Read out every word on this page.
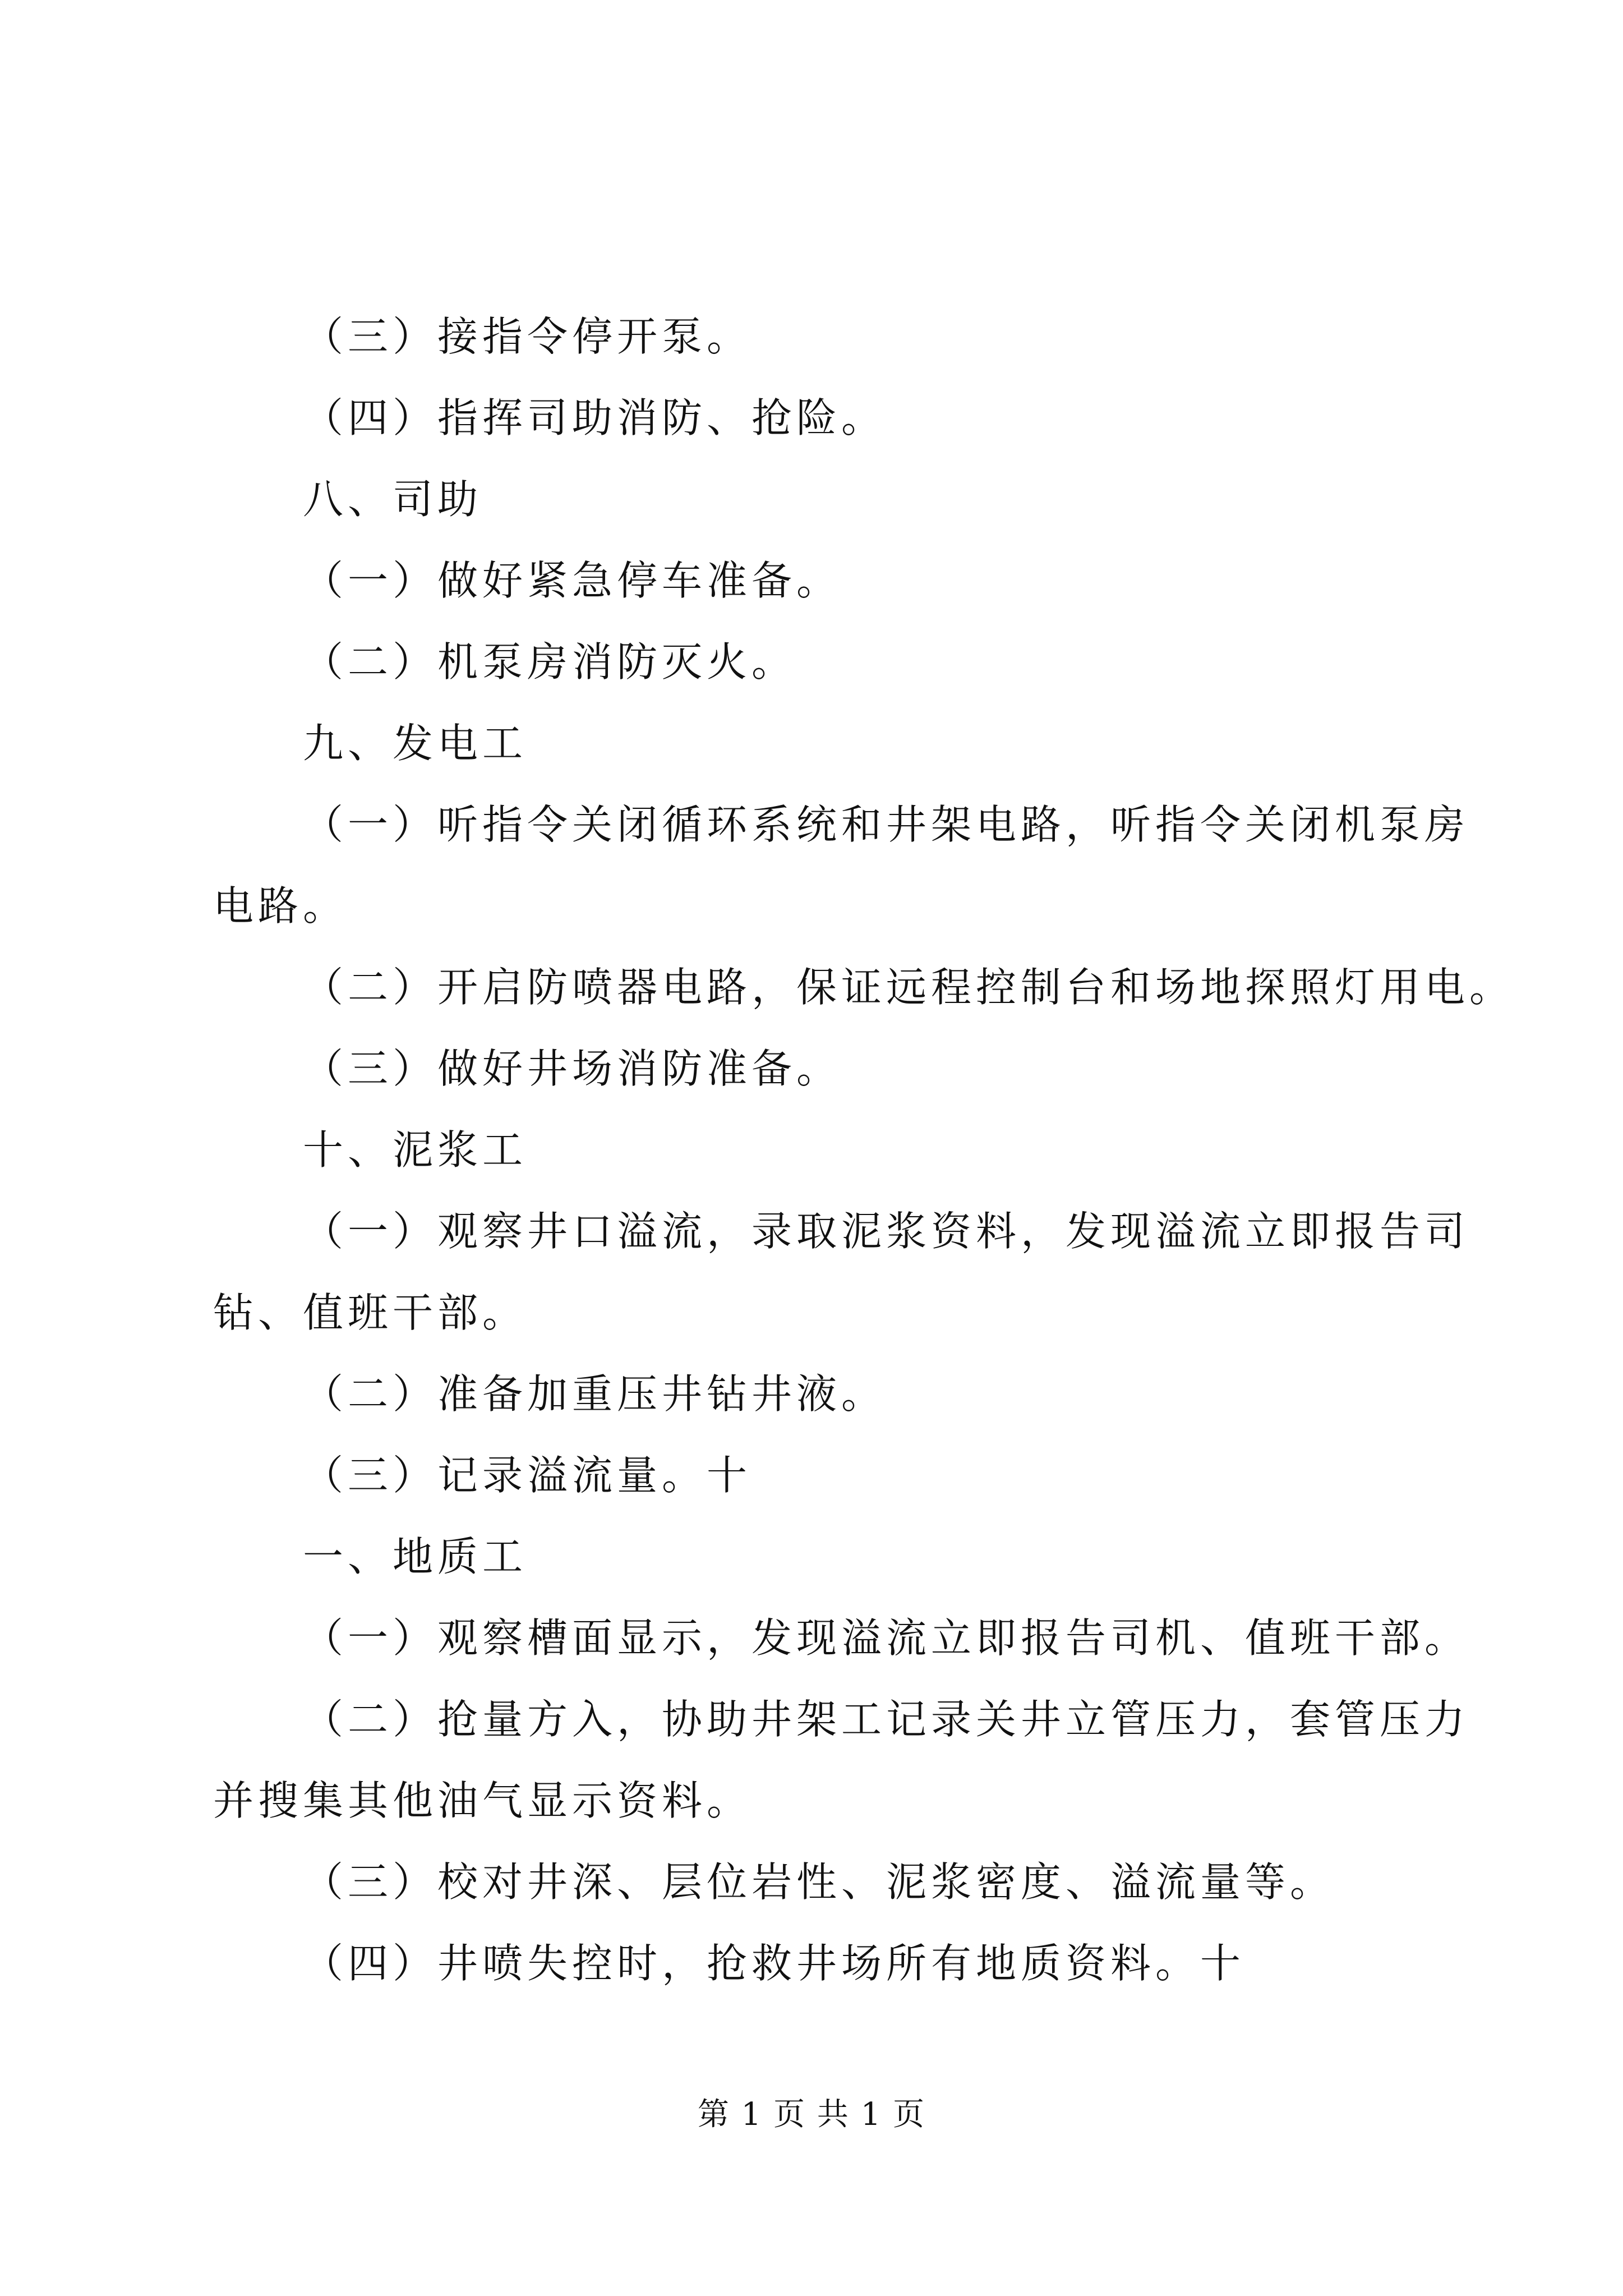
（三）接指令停开泵。
（四）指挥司助消防、抢险。
八、司助
（一）做好紧急停车准备。
（二）机泵房消防灭火。
九、发电工
（一）听指令关闭循环系统和井架电路，听指令关闭机泵房
电路。
（二）开启防喷器电路，保证远程控制台和场地探照灯用电。
（三）做好井场消防准备。
十、泥浆工
（一）观察井口溢流，录取泥浆资料，发现溢流立即报告司
钻、值班干部。
（二）准备加重压井钻井液。
（三）记录溢流量。十
一、地质工
（一）观察槽面显示，发现溢流立即报告司机、值班干部。
（二）抢量方入，协助井架工记录关井立管压力，套管压力
并搜集其他油气显示资料。
（三）校对井深、层位岩性、泥浆密度、溢流量等。
（四）井喷失控时，抢救井场所有地质资料。十
第 1 页 共 1 页
